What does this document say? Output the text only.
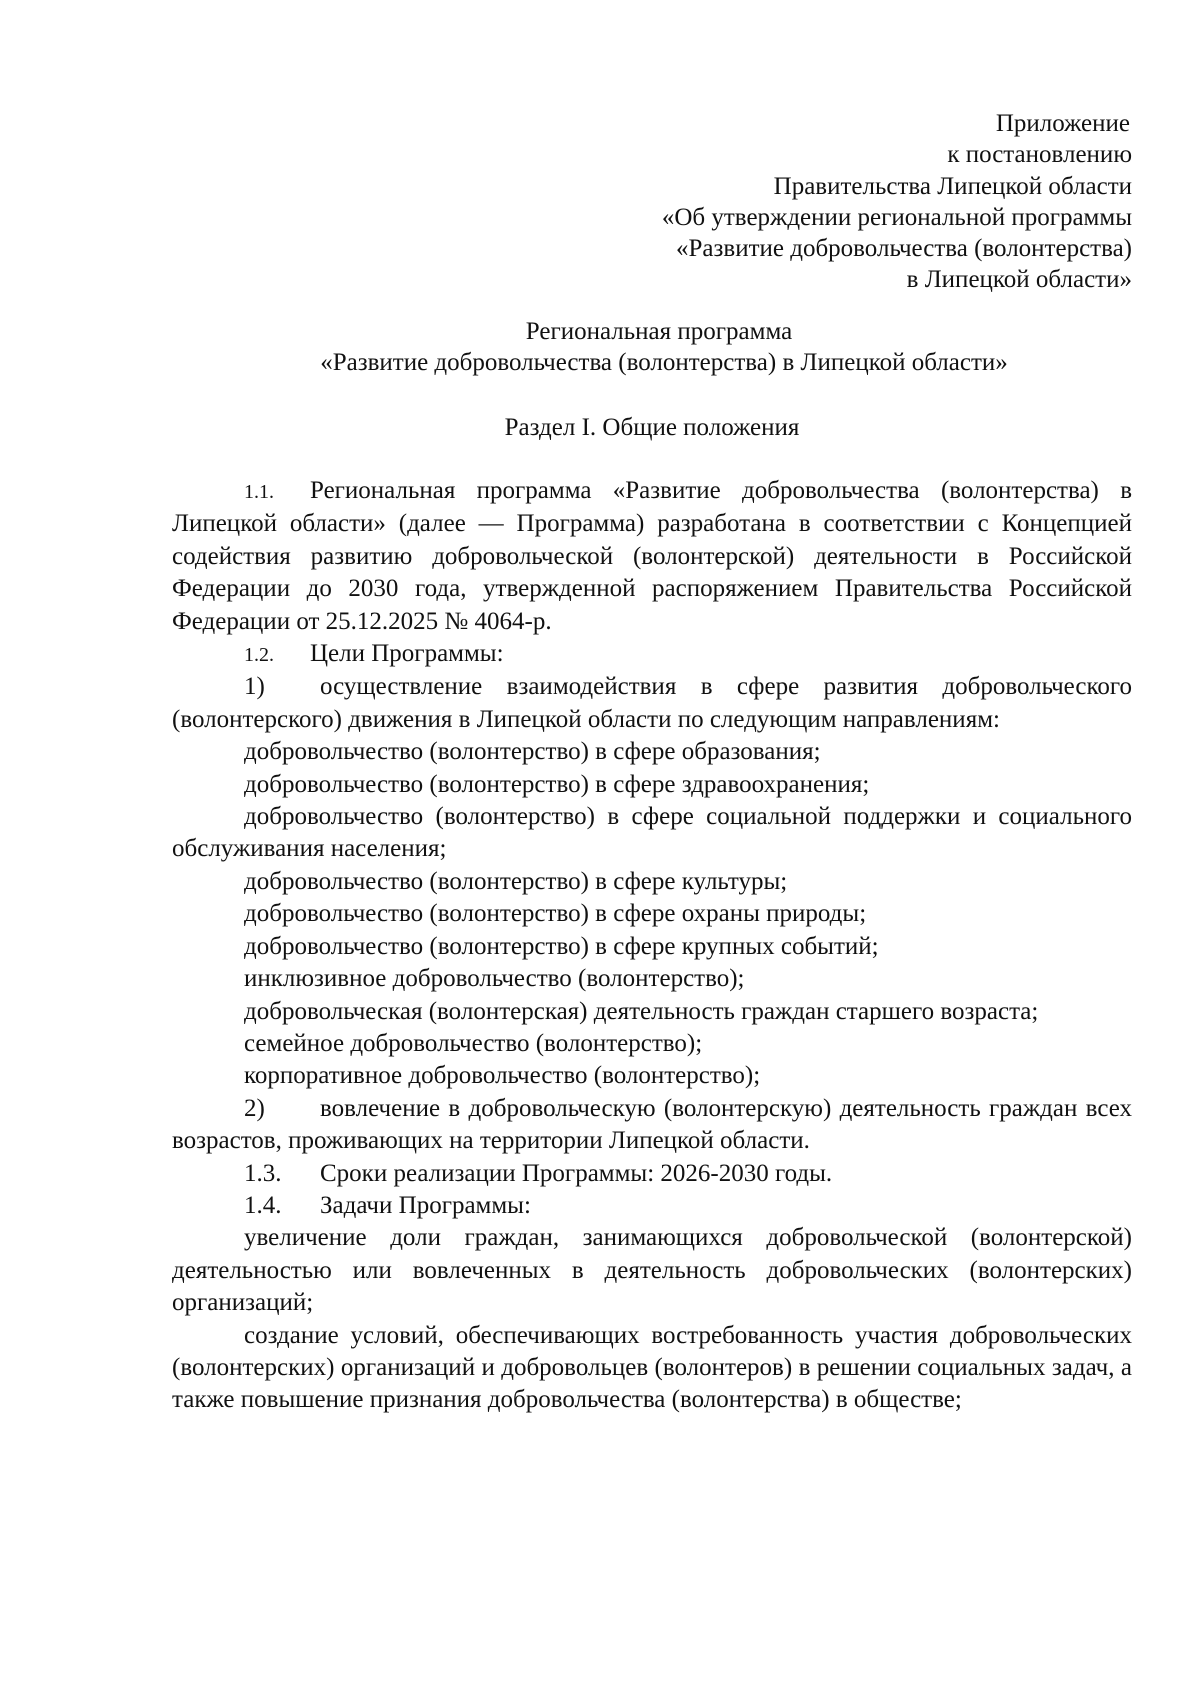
Приложение
к постановлению
Правительства Липецкой области
«Об утверждении региональной программы
«Развитие добровольчества (волонтерства)
в Липецкой области»
Региональная программа
«Развитие добровольчества (волонтерства) в Липецкой области»
Раздел I. Общие положения

1.1. Региональная программа «Развитие добровольчества (волонтерства) в Липецкой области» (далее — Программа) разработана в соответствии с Концепцией содействия развитию добровольческой (волонтерской) деятельности в Российской Федерации до 2030 года, утвержденной распоряжением Правительства Российской Федерации от 25.12.2025 № 4064-р.

1.2. Цели Программы:

1) осуществление взаимодействия в сфере развития добровольческого (волонтерского) движения в Липецкой области по следующим направлениям:

добровольчество (волонтерство) в сфере образования;

добровольчество (волонтерство) в сфере здравоохранения;

добровольчество (волонтерство) в сфере социальной поддержки и социального обслуживания населения;

добровольчество (волонтерство) в сфере культуры;

добровольчество (волонтерство) в сфере охраны природы;

добровольчество (волонтерство) в сфере крупных событий;

инклюзивное добровольчество (волонтерство);

добровольческая (волонтерская) деятельность граждан старшего возраста;

семейное добровольчество (волонтерство);

корпоративное добровольчество (волонтерство);

2) вовлечение в добровольческую (волонтерскую) деятельность граждан всех возрастов, проживающих на территории Липецкой области.

1.3. Сроки реализации Программы: 2026-2030 годы.

1.4. Задачи Программы:

увеличение доли граждан, занимающихся добровольческой (волонтерской) деятельностью или вовлеченных в деятельность добровольческих (волонтерских) организаций;

создание условий, обеспечивающих востребованность участия добровольческих (волонтерских) организаций и добровольцев (волонтеров) в решении социальных задач, а также повышение признания добровольчества (волонтерства) в обществе;
